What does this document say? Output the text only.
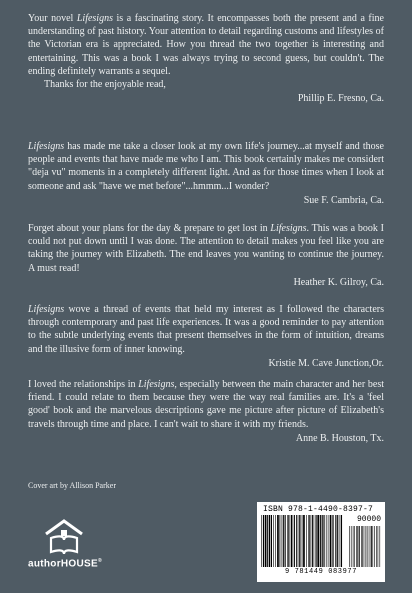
Your novel Lifesigns is a fascinating story. It encompasses both the present and a fine understanding of past history. Your attention to detail regarding customs and lifestyles of the Victorian era is appreciated. How you thread the two together is interesting and entertaining. This was a book I was always trying to second guess, but couldn't. The ending definitely warrants a sequel.

Thanks for the enjoyable read,

Phillip E. Fresno, Ca.

Lifesigns has made me take a closer look at my own life's journey...at myself and those people and events that have made me who I am. This book certainly makes me considert "deja vu" moments in a completely different light. And as for those times when I look at someone and ask "have we met before"...hmmm...I wonder?

Sue F. Cambria, Ca.

Forget about your plans for the day & prepare to get lost in Lifesigns. This was a book I could not put down until I was done. The attention to detail makes you feel like you are taking the journey with Elizabeth. The end leaves you wanting to continue the journey. A must read!

Heather K. Gilroy, Ca.

Lifesigns wove a thread of events that held my interest as I followed the characters through contemporary and past life experiences. It was a good reminder to pay attention to the subtle underlying events that present themselves in the form of intuition, dreams and the illusive form of inner knowing.

Kristie M. Cave Junction,Or.

I loved the relationships in Lifesigns, especially between the main character and her best friend. I could relate to them because they were the way real families are. It's a 'feel good' book and the marvelous descriptions gave me picture after picture of Elizabeth's travels through time and place. I can't wait to share it with my friends.

Anne B. Houston, Tx.

Cover art by Allison Parker
authorHOUSE®
ISBN 978-1-4490-8397-7
90000
9 781449 083977
